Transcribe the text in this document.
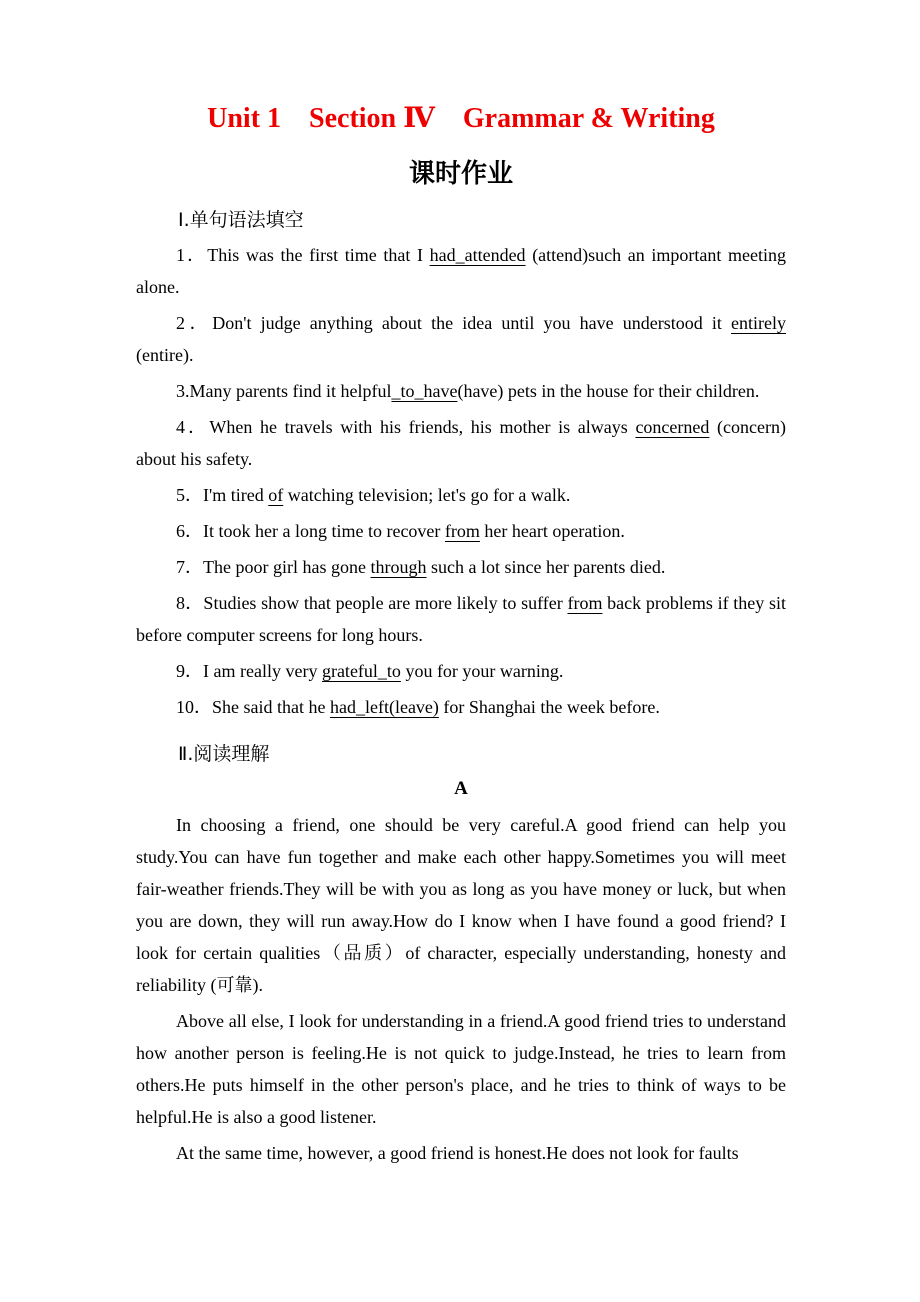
Unit 1　Section Ⅳ　Grammar & Writing
课时作业
Ⅰ.单句语法填空

1．This was the first time that I had_attended (attend)such an important meeting alone.

2．Don't judge anything about the idea until you have understood it entirely (entire).

3.Many parents find it helpful_to_have(have) pets in the house for their children.

4．When he travels with his friends, his mother is always concerned (concern) about his safety.

5．I'm tired of watching television; let's go for a walk.

6．It took her a long time to recover from her heart operation.

7．The poor girl has gone through such a lot since her parents died.

8．Studies show that people are more likely to suffer from back problems if they sit before computer screens for long hours.

9．I am really very grateful_to you for your warning.

10．She said that he had_left(leave) for Shanghai the week before.

Ⅱ.阅读理解
A

In choosing a friend, one should be very careful.A good friend can help you study.You can have fun together and make each other happy.Sometimes you will meet fair-weather friends.They will be with you as long as you have money or luck, but when you are down, they will run away.How do I know when I have found a good friend? I look for certain qualities（品质）of character, especially understanding, honesty and reliability (可靠).

Above all else, I look for understanding in a friend.A good friend tries to understand how another person is feeling.He is not quick to judge.Instead, he tries to learn from others.He puts himself in the other person's place, and he tries to think of ways to be helpful.He is also a good listener.

At the same time, however, a good friend is honest.He does not look for faults
